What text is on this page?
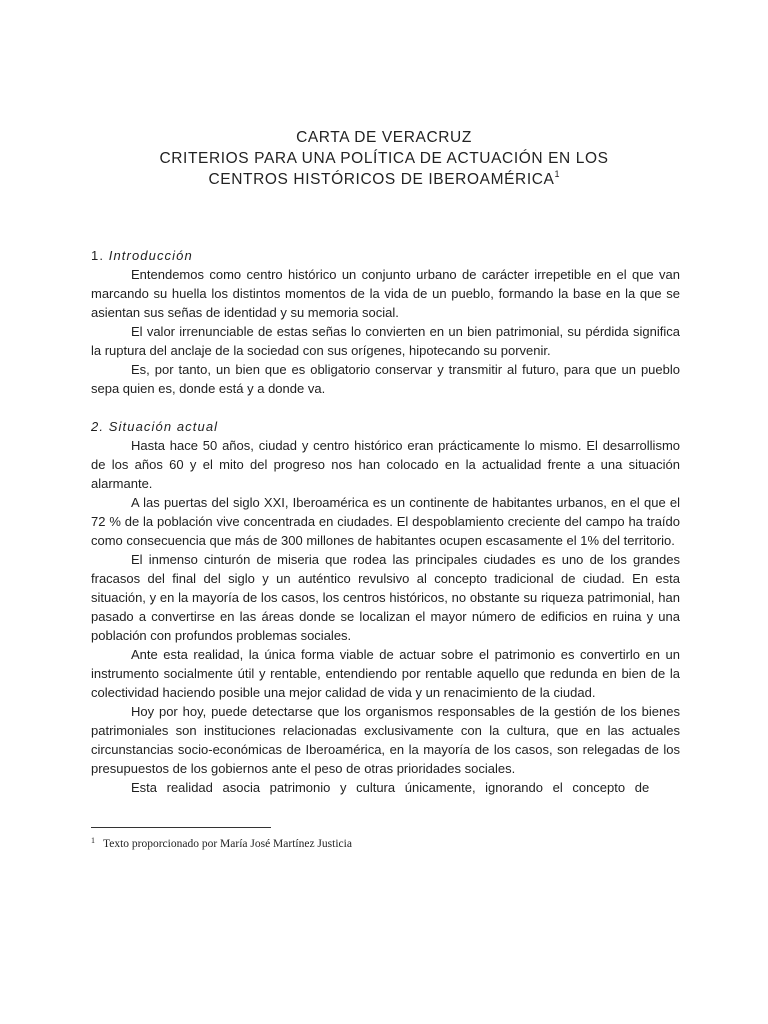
CARTA DE VERACRUZ
CRITERIOS PARA UNA POLÍTICA DE ACTUACIÓN EN LOS
CENTROS HISTÓRICOS DE IBEROAMÉRICA$^1$

1. Introducción

Entendemos como centro histórico un conjunto urbano de carácter irrepetible en el que van marcando su huella los distintos momentos de la vida de un pueblo, formando la base en la que se asientan sus señas de identidad y su memoria social.

El valor irrenunciable de estas señas lo convierten en un bien patrimonial, su pérdida significa la ruptura del anclaje de la sociedad con sus orígenes, hipotecando su porvenir.

Es, por tanto, un bien que es obligatorio conservar y transmitir al futuro, para que un pueblo sepa quien es, donde está y a donde va.

2. Situación actual

Hasta hace 50 años, ciudad y centro histórico eran prácticamente lo mismo. El desarrollismo de los años 60 y el mito del progreso nos han colocado en la actualidad frente a una situación alarmante.

A las puertas del siglo XXI, Iberoamérica es un continente de habitantes urbanos, en el que el 72 % de la población vive concentrada en ciudades. El despoblamiento creciente del campo ha traído como consecuencia que más de 300 millones de habitantes ocupen escasamente el 1% del territorio.

El inmenso cinturón de miseria que rodea las principales ciudades es uno de los grandes fracasos del final del siglo y un auténtico revulsivo al concepto tradicional de ciudad. En esta situación, y en la mayoría de los casos, los centros históricos, no obstante su riqueza patrimonial, han pasado a convertirse en las áreas donde se localizan el mayor número de edificios en ruina y una población con profundos problemas sociales.

Ante esta realidad, la única forma viable de actuar sobre el patrimonio es convertirlo en un instrumento socialmente útil y rentable, entendiendo por rentable aquello que redunda en bien de la colectividad haciendo posible una mejor calidad de vida y un renacimiento de la ciudad.

Hoy por hoy, puede detectarse que los organismos responsables de la gestión de los bienes patrimoniales son instituciones relacionadas exclusivamente con la cultura, que en las actuales circunstancias socio-económicas de Iberoamérica, en la mayoría de los casos, son relegadas de los presupuestos de los gobiernos ante el peso de otras prioridades sociales.

Esta realidad asocia patrimonio y cultura únicamente, ignorando el concepto de

$^1$ Texto proporcionado por María José Martínez Justicia
